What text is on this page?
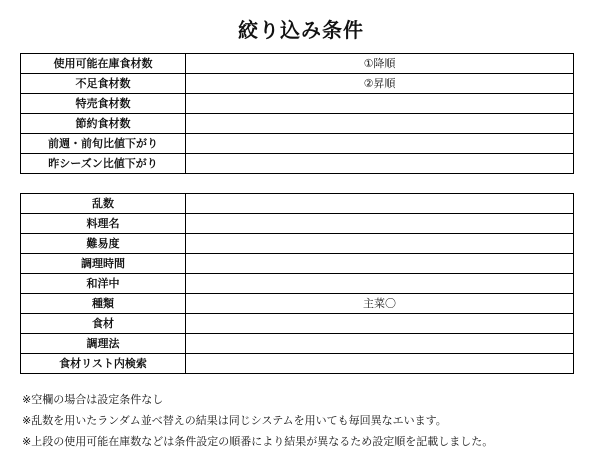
絞り込み条件
使用可能在庫食材数	①降順
不足食材数	②昇順
特売食材数	
節約食材数	
前週・前旬比値下がり	
昨シーズン比値下がり	
乱数	
料理名	
難易度	
調理時間	
和洋中	
種類	主菜〇
食材	
調理法	
食材リスト内検索	
※空欄の場合は設定条件なし
※乱数を用いたランダム並べ替えの結果は同じシステムを用いても毎回異なエいます。
※上段の使用可能在庫数などは条件設定の順番により結果が異なるため設定順を記載しました。
